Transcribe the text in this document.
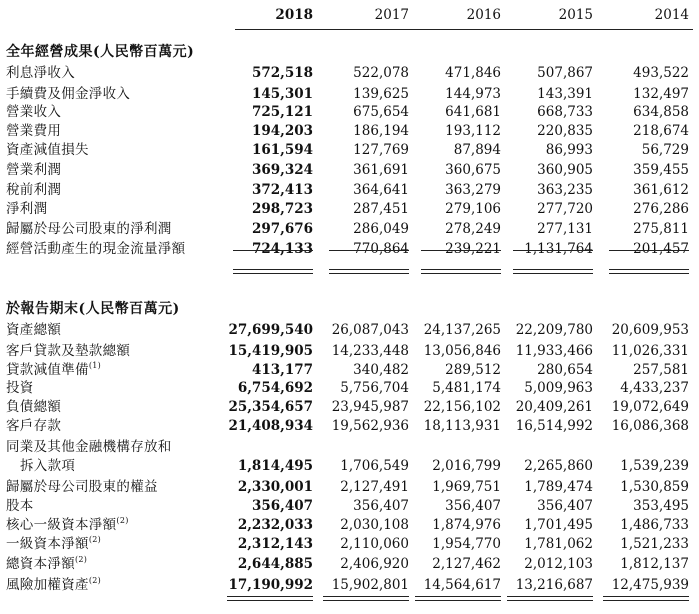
2018	2017	2016	2015	2014
全年經營成果(人民幣百萬元)
利息淨收入	572,518	522,078	471,846	507,867	493,522
手續費及佣金淨收入	145,301	139,625	144,973	143,391	132,497
營業收入	725,121	675,654	641,681	668,733	634,858
營業費用	194,203	186,194	193,112	220,835	218,674
資產減值損失	161,594	127,769	87,894	86,993	56,729
營業利潤	369,324	361,691	360,675	360,905	359,455
稅前利潤	372,413	364,641	363,279	363,235	361,612
淨利潤	298,723	287,451	279,106	277,720	276,286
歸屬於母公司股東的淨利潤	297,676	286,049	278,249	277,131	275,811
經營活動產生的現金流量淨額	724,133	770,864	239,221 1,131,764	201,457
於報告期末(人民幣百萬元)
資產總額	27,699,540 26,087,043 24,137,265 22,209,780 20,609,953
客戶貸款及墊款總額	15,419,905 14,233,448 13,056,846 11,933,466 11,026,331
貸款減值準備$^{(1)}$	413,177	340,482	289,512	280,654	257,581
投資	6,754,692 5,756,704 5,481,174 5,009,963 4,433,237
負債總額	25,354,657 23,945,987 22,156,102 20,409,261 19,072,649
客戶存款	21,408,934 19,562,936 18,113,931 16,514,992 16,086,368
同業及其他金融機構存放和
拆入款項	1,814,495 1,706,549 2,016,799 2,265,860 1,539,239
歸屬於母公司股東的權益	2,330,001 2,127,491 1,969,751 1,789,474 1,530,859
股本	356,407	356,407	356,407	356,407	353,495
核心一級資本淨額$^{(2)}$	2,232,033 2,030,108 1,874,976 1,701,495 1,486,733
一級資本淨額$^{(2)}$	2,312,143 2,110,060 1,954,770 1,781,062 1,521,233
總資本淨額$^{(2)}$	2,644,885 2,406,920 2,127,462 2,012,103 1,812,137
風險加權資產$^{(2)}$	17,190,992 15,902,801 14,564,617 13,216,687 12,475,939
